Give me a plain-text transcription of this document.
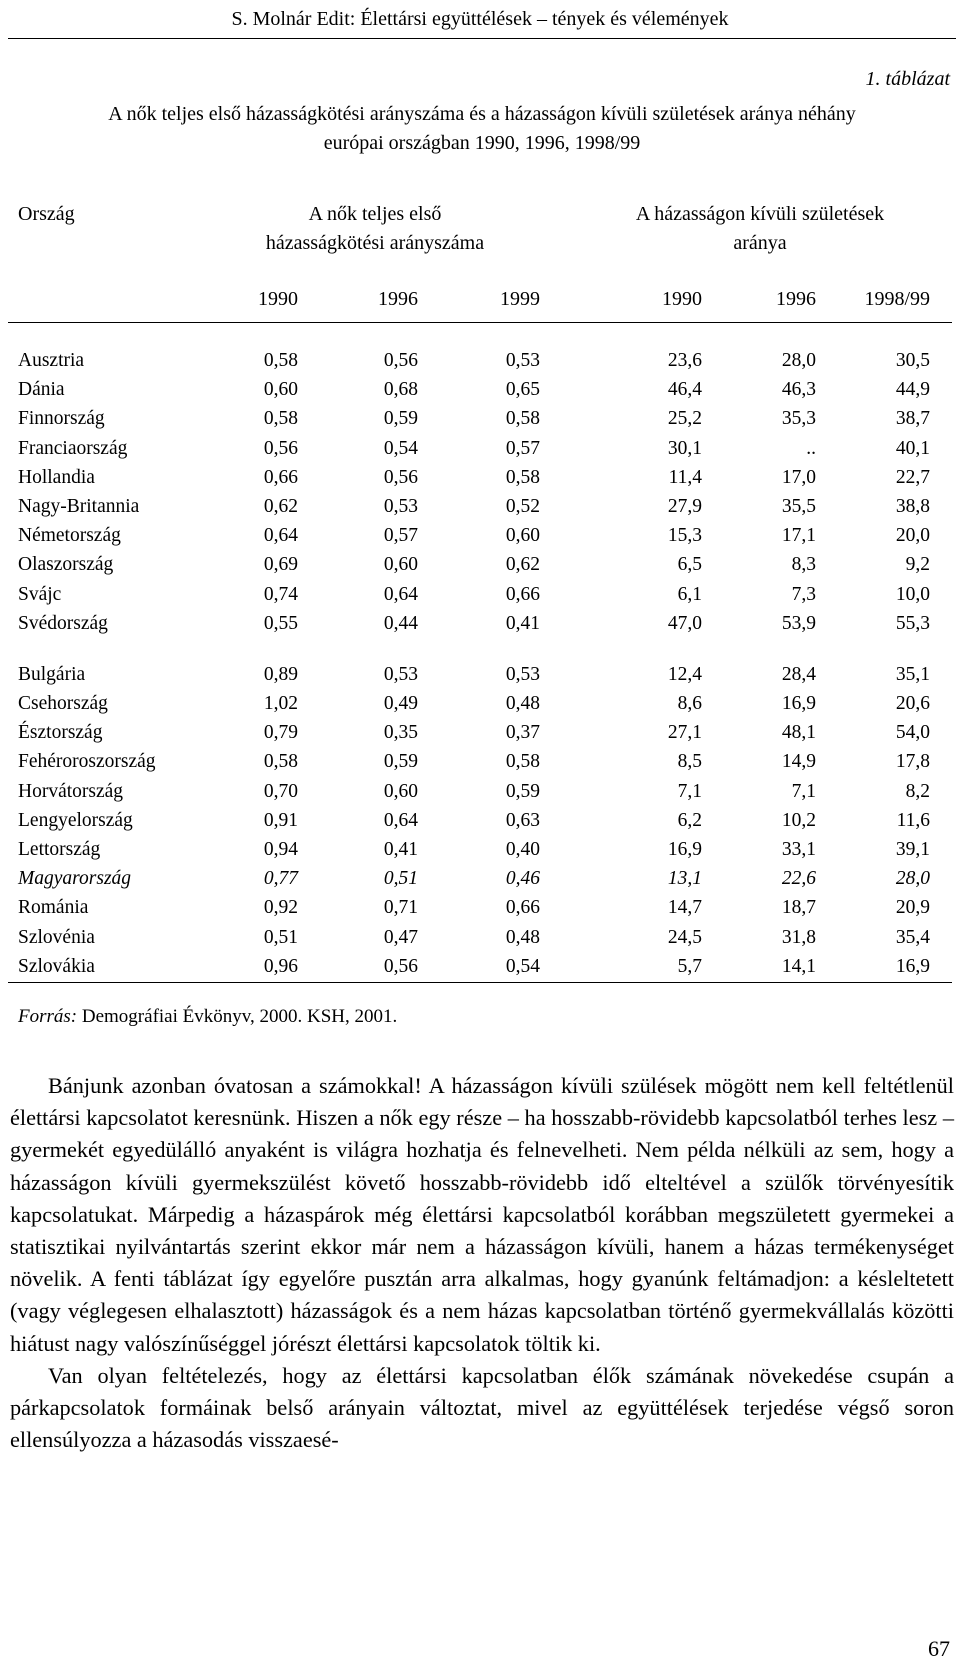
S. Molnár Edit: Élettársi együttélések – tények és vélemények
1. táblázat
A nők teljes első házasságkötési arányszáma és a házasságon kívüli születések aránya néhány
európai országban 1990, 1996, 1998/99
Ország	A nők teljes első
házasságkötési arányszáma
A házasságon kívüli születések
aránya
1990	1996	1999	1990	1996	1998/99
Ausztria	0,58	0,56	0,53	23,6	28,0	30,5
Dánia	0,60	0,68	0,65	46,4	46,3	44,9
Finnország	0,58	0,59	0,58	25,2	35,3	38,7
Franciaország	0,56	0,54	0,57	30,1	..	40,1
Hollandia	0,66	0,56	0,58	11,4	17,0	22,7
Nagy-Britannia	0,62	0,53	0,52	27,9	35,5	38,8
Németország	0,64	0,57	0,60	15,3	17,1	20,0
Olaszország	0,69	0,60	0,62	6,5	8,3	9,2
Svájc	0,74	0,64	0,66	6,1	7,3	10,0
Svédország	0,55	0,44	0,41	47,0	53,9	55,3
Bulgária	0,89	0,53	0,53	12,4	28,4	35,1
Csehország	1,02	0,49	0,48	8,6	16,9	20,6
Észtország	0,79	0,35	0,37	27,1	48,1	54,0
Fehéroroszország	0,58	0,59	0,58	8,5	14,9	17,8
Horvátország	0,70	0,60	0,59	7,1	7,1	8,2
Lengyelország	0,91	0,64	0,63	6,2	10,2	11,6
Lettország	0,94	0,41	0,40	16,9	33,1	39,1
Magyarország	0,77	0,51	0,46	13,1	22,6	28,0
Románia	0,92	0,71	0,66	14,7	18,7	20,9
Szlovénia	0,51	0,47	0,48	24,5	31,8	35,4
Szlovákia	0,96	0,56	0,54	5,7	14,1	16,9
Forrás: Demográfiai Évkönyv, 2000. KSH, 2001.

Bánjunk azonban óvatosan a számokkal! A házasságon kívüli szülések mögött nem kell feltétlenül élettársi kapcsolatot keresnünk. Hiszen a nők egy része – ha hosszabb-rövidebb kapcsolatból terhes lesz – gyermekét egyedülálló anyaként is világra hozhatja és felnevelheti. Nem példa nélküli az sem, hogy a házasságon kívüli gyermekszülést követő hosszabb-rövidebb idő elteltével a szülők törvényesítik kapcsolatukat. Márpedig a házaspárok még élettársi kapcsolatból korábban megszületett gyermekei a statisztikai nyilvántartás szerint ekkor már nem a házasságon kívüli, hanem a házas termékenységet növelik. A fenti táblázat így egyelőre pusztán arra alkalmas, hogy gyanúnk feltámadjon: a késleltetett (vagy véglegesen elhalasztott) házasságok és a nem házas kapcsolatban történő gyermekvállalás közötti hiátust nagy valószínűséggel jórészt élettársi kapcsolatok töltik ki.

Van olyan feltételezés, hogy az élettársi kapcsolatban élők számának növekedése csupán a párkapcsolatok formáinak belső arányain változtat, mivel az együttélések terjedése végső soron ellensúlyozza a házasodás visszaesé-

67
